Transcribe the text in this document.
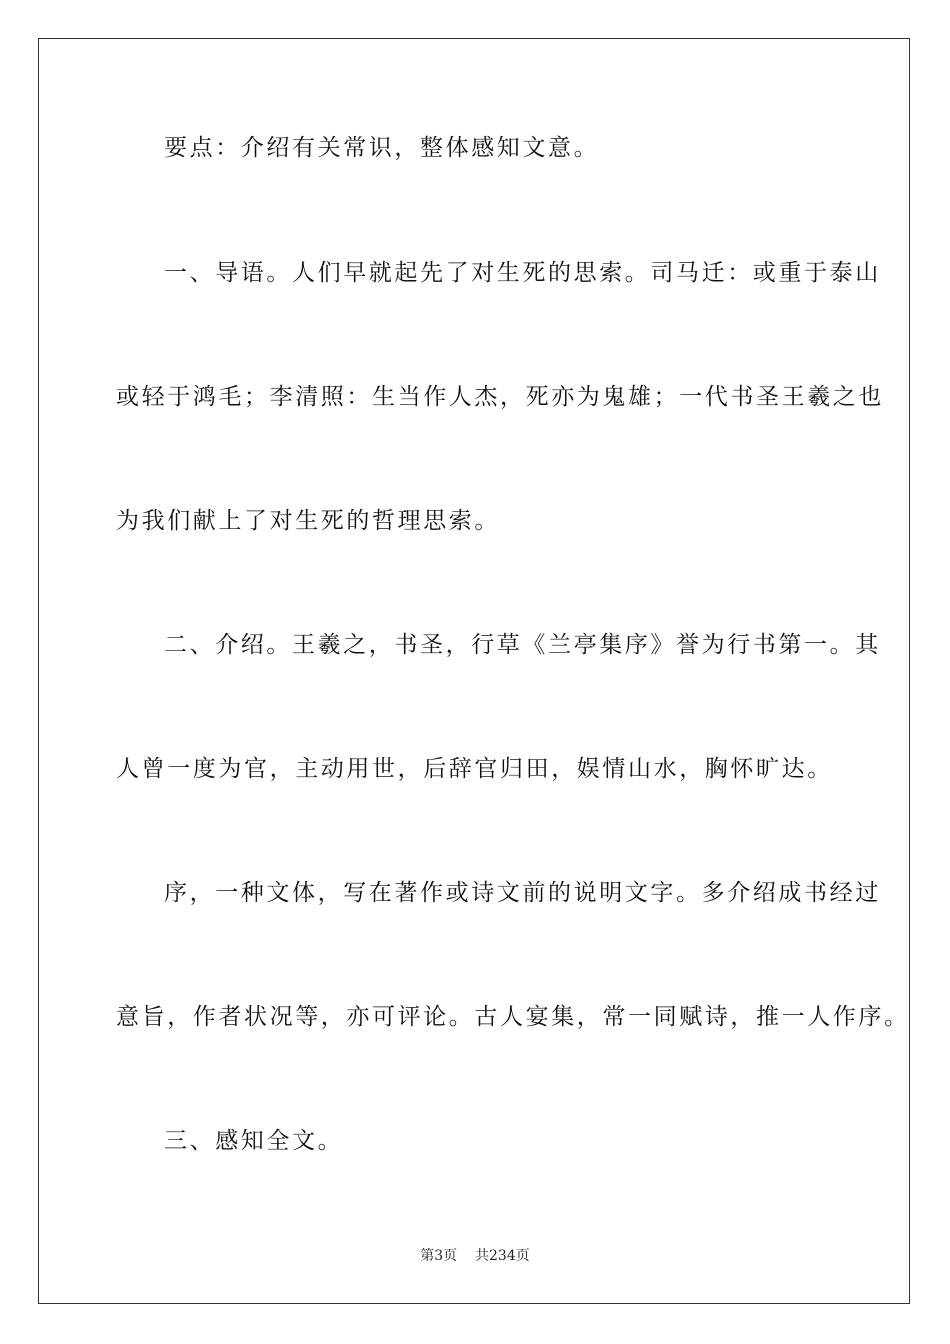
要点：介绍有关常识，整体感知文意。
一、导语。人们早就起先了对生死的思索。司马迁：或重于泰山
或轻于鸿毛；李清照：生当作人杰，死亦为鬼雄；一代书圣王羲之也
为我们献上了对生死的哲理思索。
二、介绍。王羲之，书圣，行草《兰亭集序》誉为行书第一。其
人曾一度为官，主动用世，后辞官归田，娱情山水，胸怀旷达。
序，一种文体，写在著作或诗文前的说明文字。多介绍成书经过
意旨，作者状况等，亦可评论。古人宴集，常一同赋诗，推一人作序。
三、感知全文。
第3页 共234页
